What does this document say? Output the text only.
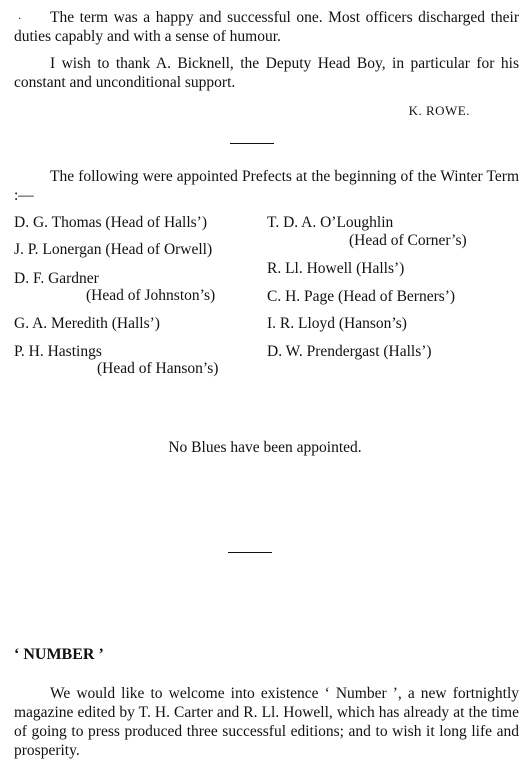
·	The term was a happy and successful one. Most officers discharged their duties capably and with a sense of humour.
I wish to thank A. Bicknell, the Deputy Head Boy, in particular for his constant and unconditional support.
K. ROWE.
The following were appointed Prefects at the beginning of the Winter Term :—
D. G. Thomas (Head of Halls’)
J. P. Lonergan (Head of Orwell)
D. F. Gardner
(Head of Johnston’s)
G. A. Meredith (Halls’)
P. H. Hastings
(Head of Hanson’s)
T. D. A. O’Loughlin
(Head of Corner’s)
R. Ll. Howell (Halls’)
C. H. Page (Head of Berners’)
I. R. Lloyd (Hanson’s)
D. W. Prendergast (Halls’)
No Blues have been appointed.
‘ NUMBER ’
We would like to welcome into existence ‘ Number ’, a new fortnightly magazine edited by T. H. Carter and R. Ll. Howell, which has already at the time of going to press produced three successful editions; and to wish it long life and prosperity.
